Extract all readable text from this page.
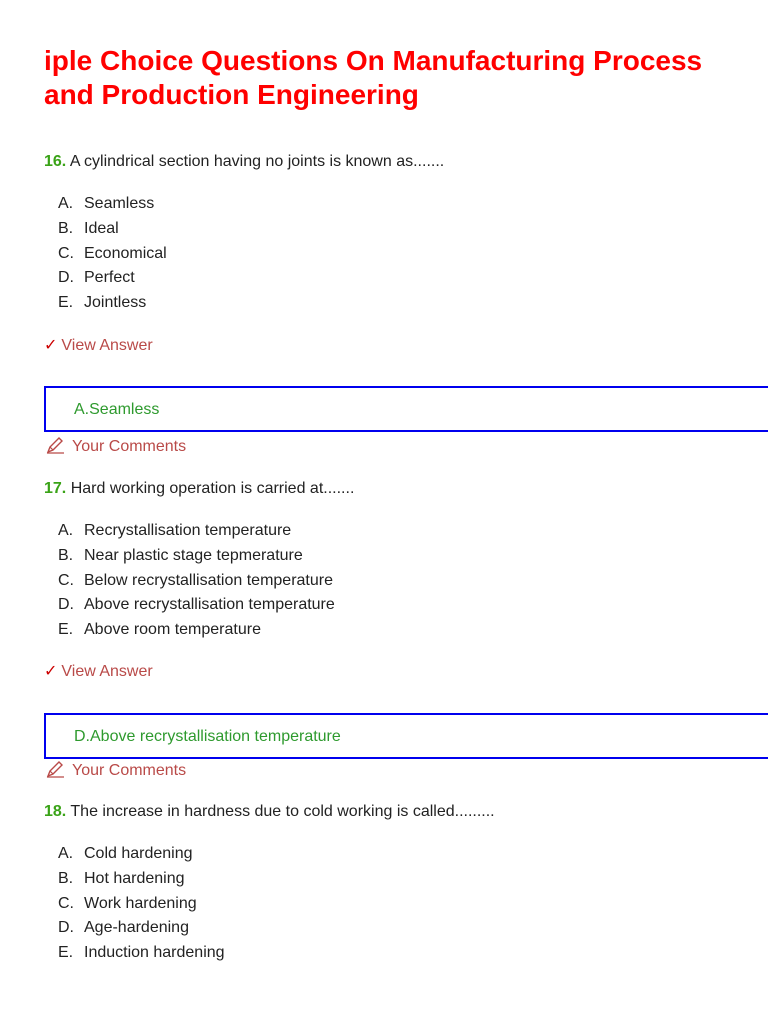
iple Choice Questions On Manufacturing Process
and Production Engineering
16. A cylindrical section having no joints is known as.......
A. Seamless
B. Ideal
C. Economical
D. Perfect
E. Jointless
✓ View Answer
A.Seamless
Your Comments
17. Hard working operation is carried at.......
A. Recrystallisation temperature
B. Near plastic stage tepmerature
C. Below recrystallisation temperature
D. Above recrystallisation temperature
E. Above room temperature
✓ View Answer
D.Above recrystallisation temperature
Your Comments
18. The increase in hardness due to cold working is called.........
A. Cold hardening
B. Hot hardening
C. Work hardening
D. Age-hardening
E. Induction hardening
